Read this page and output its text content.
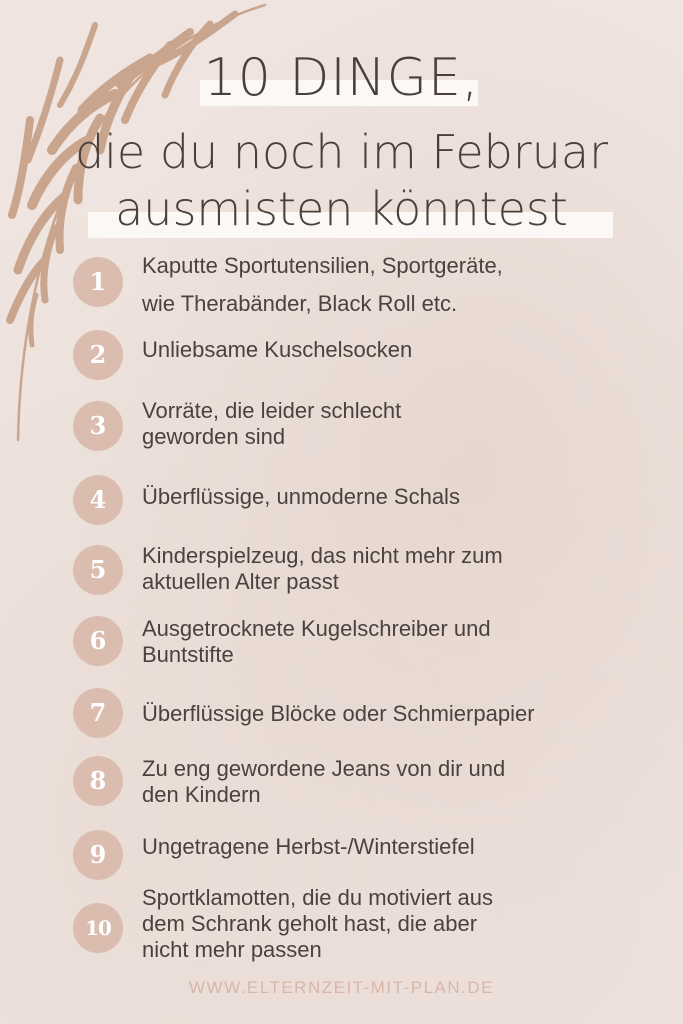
10 DINGE,
die du noch im Februar
ausmisten könntest
1
Kaputte Sportutensilien, Sportgeräte,
wie Therabänder, Black Roll etc.
2	Unliebsame Kuschelsocken
3
Vorräte, die leider schlecht
geworden sind
4	Überflüssige, unmoderne Schals
5	Kinderspielzeug, das nicht mehr zum
aktuellen Alter passt
6	Ausgetrocknete Kugelschreiber und
Buntstifte
7	Überflüssige Blöcke oder Schmierpapier
8	Zu eng gewordene Jeans von dir und
den Kindern
9	Ungetragene Herbst-/Winterstiefel
10
Sportklamotten, die du motiviert aus
dem Schrank geholt hast, die aber
nicht mehr passen
WWW.ELTERNZEIT-MIT-PLAN.DE
